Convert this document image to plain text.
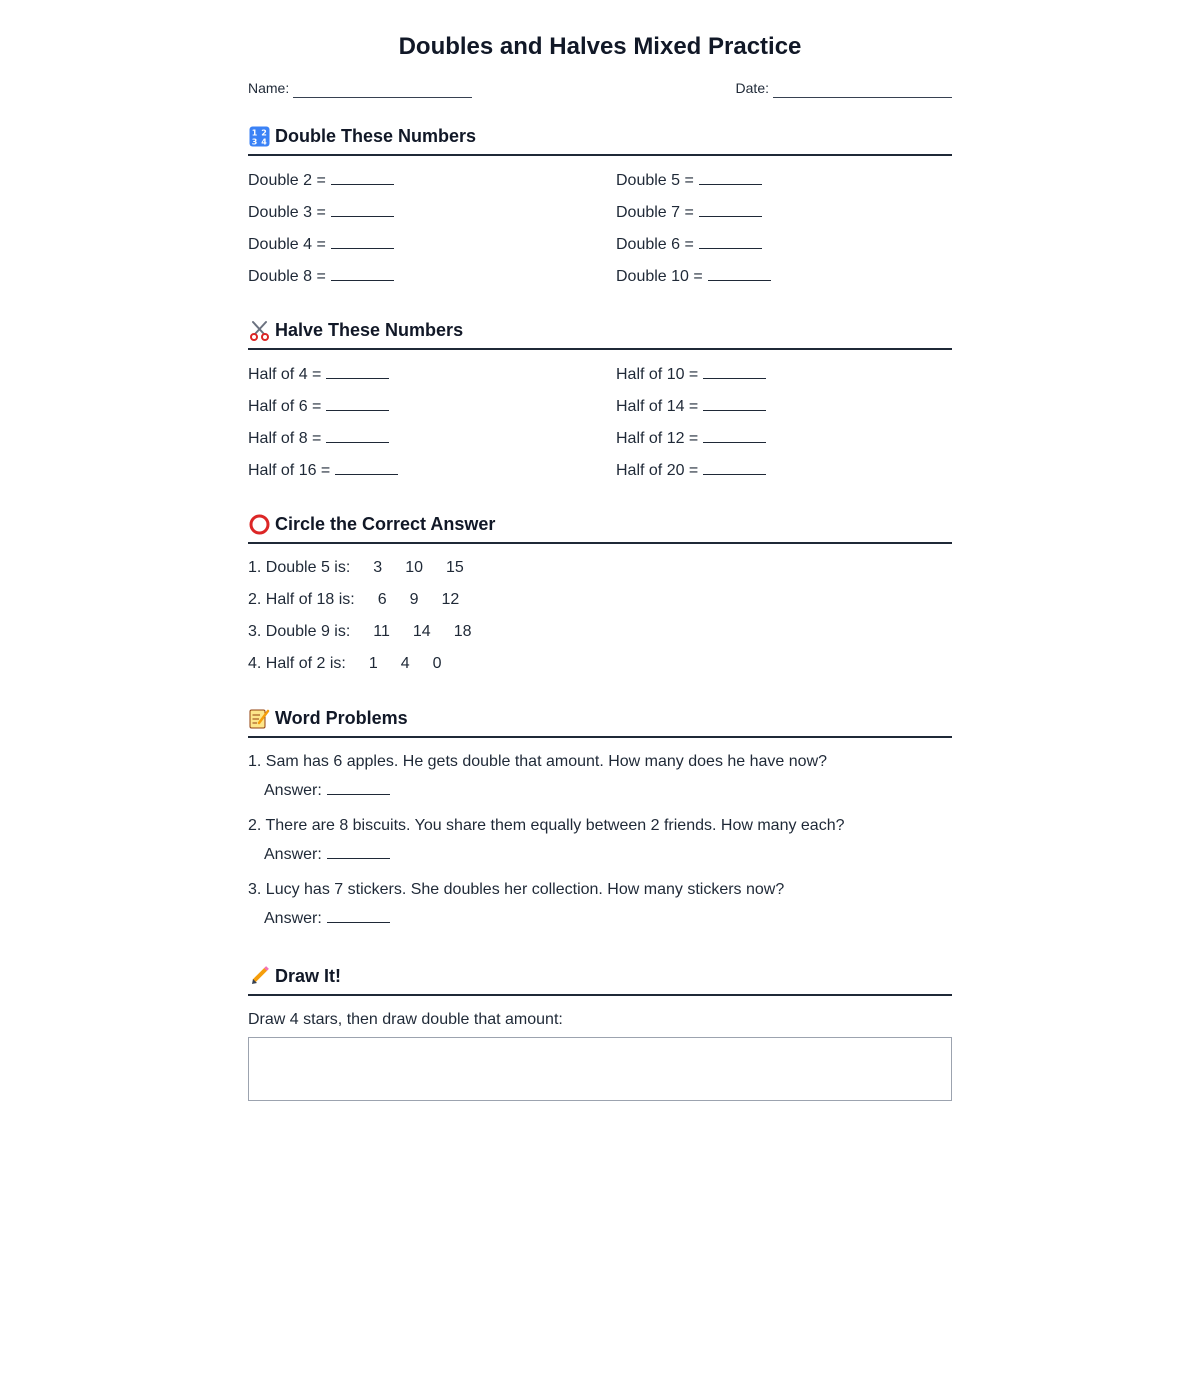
Doubles and Halves Mixed Practice
Name:	Date:
1 2
3 4 Double These Numbers
Double 2 =	Double 5 =
Double 3 =	Double 7 =
Double 4 =	Double 6 =
Double 8 =	Double 10 =
Halve These Numbers
Half of 4 =	Half of 10 =
Half of 6 =	Half of 14 =
Half of 8 =	Half of 12 =
Half of 16 =	Half of 20 =
Circle the Correct Answer
1. Double 5 is: 3 10 15
2. Half of 18 is: 6 9 12
3. Double 9 is: 11 14 18
4. Half of 2 is: 1 4 0
Word Problems
1. Sam has 6 apples. He gets double that amount. How many does he have now?
Answer:
2. There are 8 biscuits. You share them equally between 2 friends. How many each?
Answer:
3. Lucy has 7 stickers. She doubles her collection. How many stickers now?
Answer:
Draw It!
Draw 4 stars, then draw double that amount:
